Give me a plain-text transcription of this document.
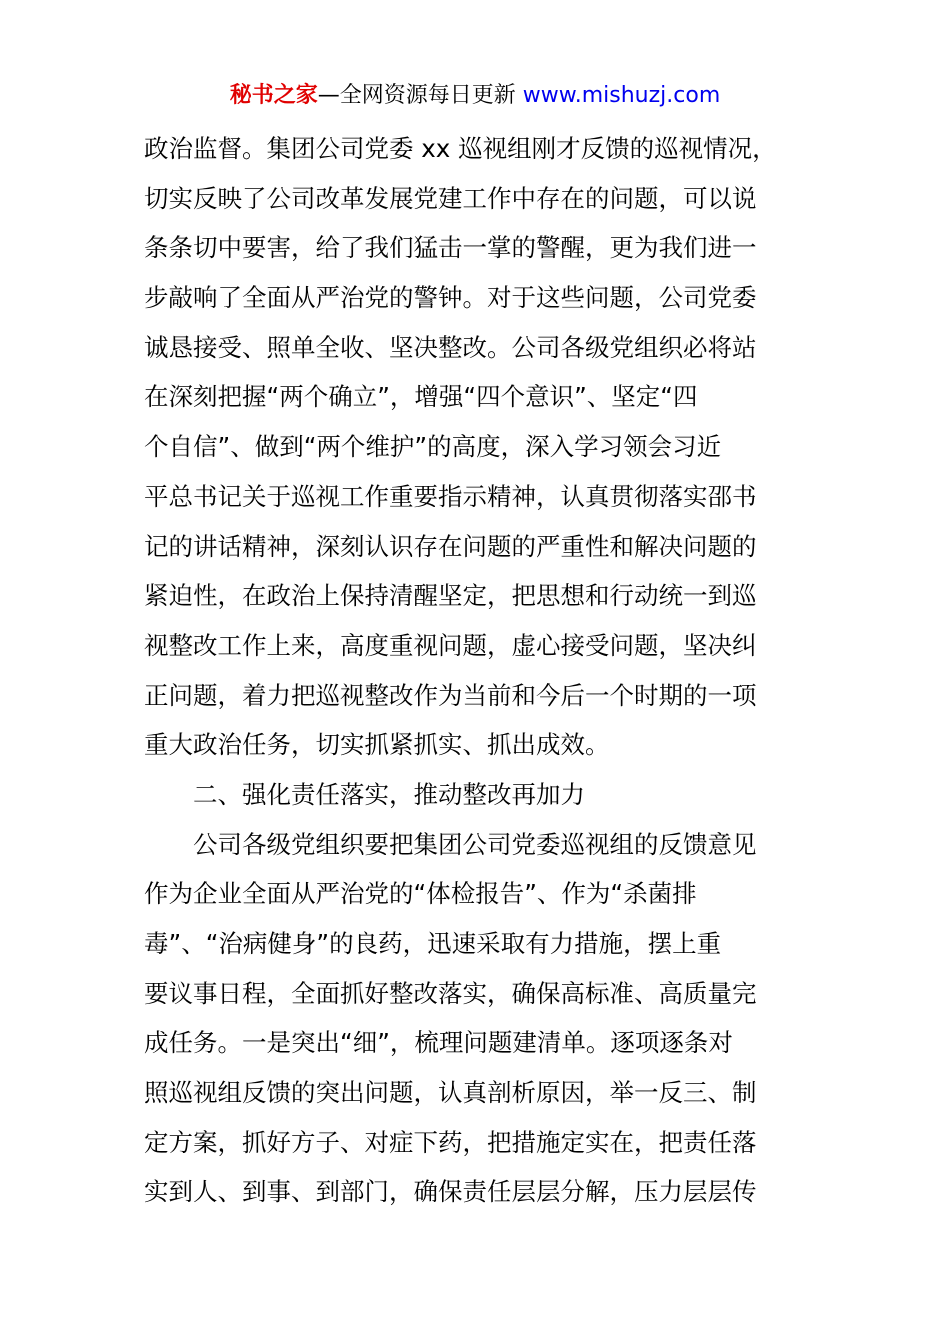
秘书之家—全网资源每日更新 www.mishuzj.com
政治监督。集团公司党委 xx 巡视组刚才反馈的巡视情况，
切实反映了公司改革发展党建工作中存在的问题，可以说
条条切中要害，给了我们猛击一掌的警醒，更为我们进一
步敲响了全面从严治党的警钟。对于这些问题，公司党委
诚恳接受、照单全收、坚决整改。公司各级党组织必将站
在深刻把握“两个确立”，增强“四个意识”、坚定“四
个自信”、做到“两个维护”的高度，深入学习领会习近
平总书记关于巡视工作重要指示精神，认真贯彻落实邵书
记的讲话精神，深刻认识存在问题的严重性和解决问题的
紧迫性，在政治上保持清醒坚定，把思想和行动统一到巡
视整改工作上来，高度重视问题，虚心接受问题，坚决纠
正问题，着力把巡视整改作为当前和今后一个时期的一项
重大政治任务，切实抓紧抓实、抓出成效。
二、强化责任落实，推动整改再加力
公司各级党组织要把集团公司党委巡视组的反馈意见
作为企业全面从严治党的“体检报告”、作为“杀菌排
毒”、“治病健身”的良药，迅速采取有力措施，摆上重
要议事日程，全面抓好整改落实，确保高标准、高质量完
成任务。一是突出“细”，梳理问题建清单。逐项逐条对
照巡视组反馈的突出问题，认真剖析原因，举一反三、制
定方案，抓好方子、对症下药，把措施定实在，把责任落
实到人、到事、到部门，确保责任层层分解，压力层层传
